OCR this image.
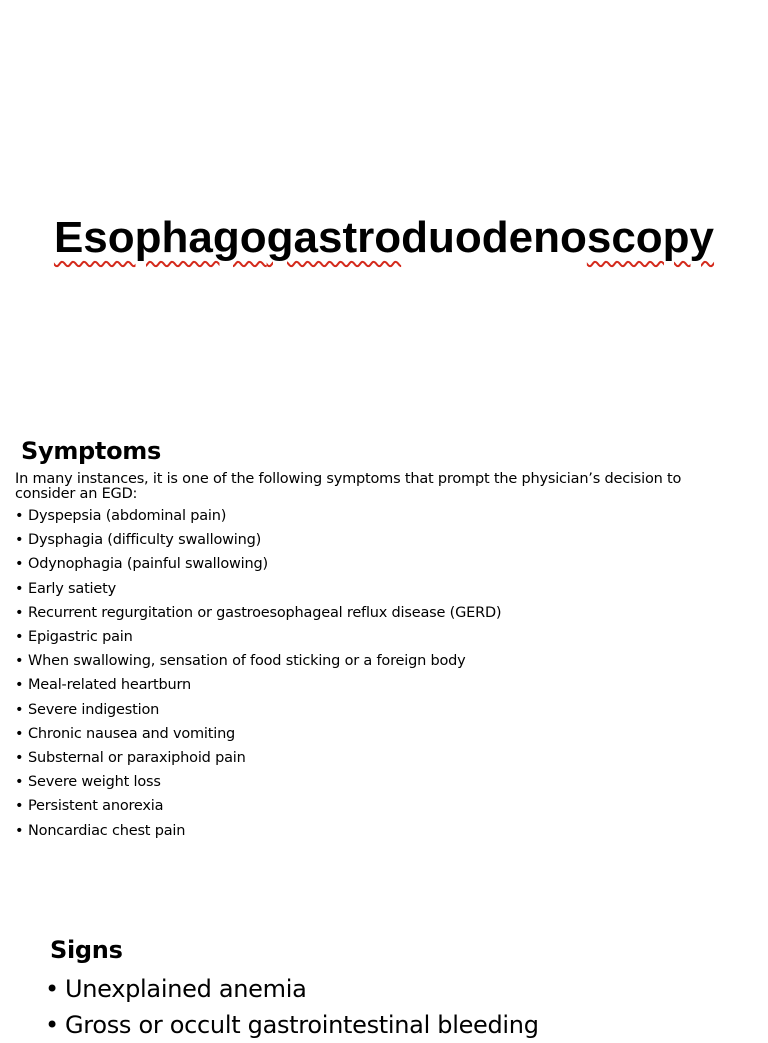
Esophagogastroduodenoscopy
Symptoms

In many instances, it is one of the following symptoms that prompt the physician’s decision to consider an EGD:

• Dyspepsia (abdominal pain)
• Dysphagia (difficulty swallowing)
• Odynophagia (painful swallowing)
• Early satiety
• Recurrent regurgitation or gastroesophageal reflux disease (GERD)
• Epigastric pain
• When swallowing, sensation of food sticking or a foreign body
• Meal-related heartburn
• Severe indigestion
• Chronic nausea and vomiting
• Substernal or paraxiphoid pain
• Severe weight loss
• Persistent anorexia
• Noncardiac chest pain
Signs
• Unexplained anemia
• Gross or occult gastrointestinal bleeding
